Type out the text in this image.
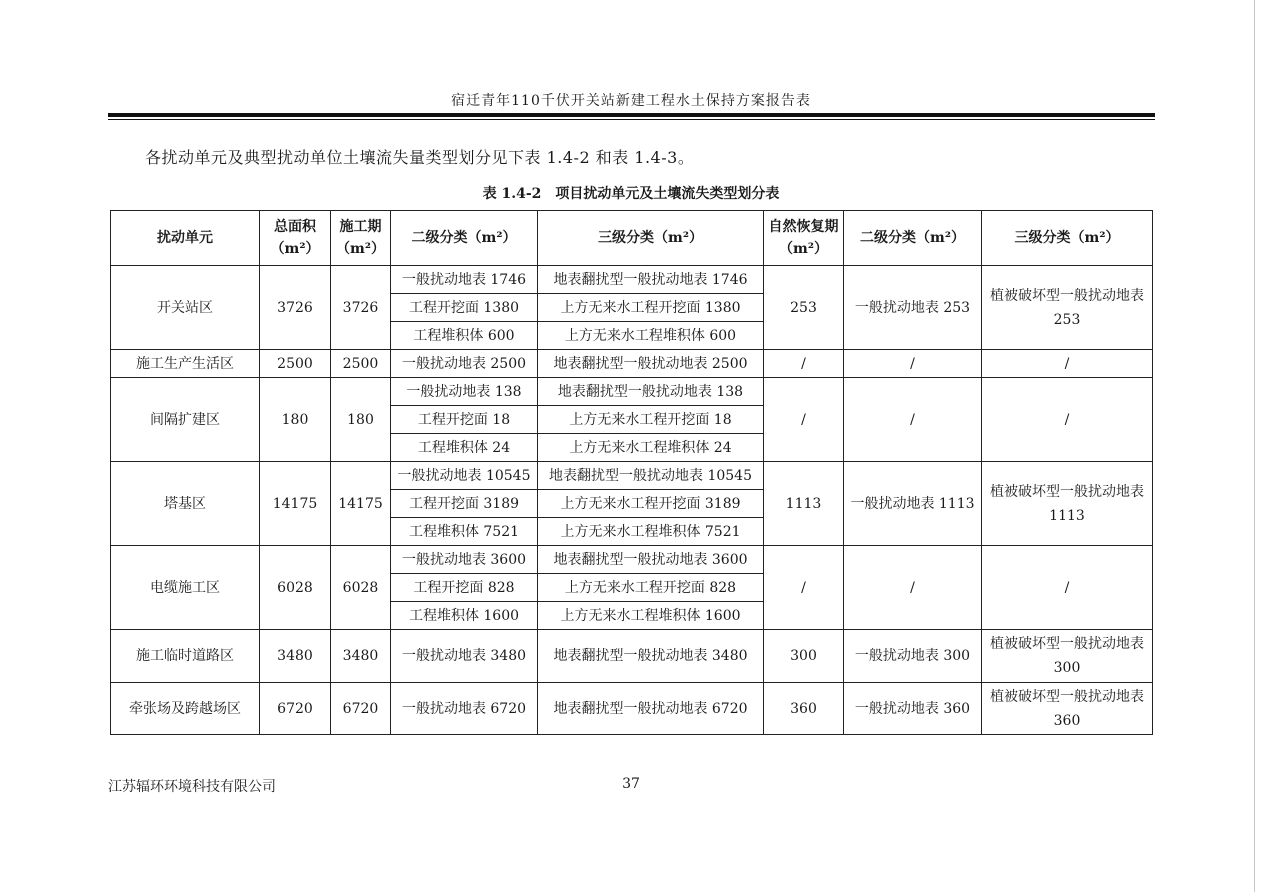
宿迁青年110千伏开关站新建工程水土保持方案报告表
各扰动单元及典型扰动单位土壤流失量类型划分见下表 1.4-2 和表 1.4-3。
表 1.4-2　项目扰动单元及土壤流失类型划分表
扰动单元	总面积（m²）	施工期（m²）	二级分类（m²）	三级分类（m²）	自然恢复期（m²）	二级分类（m²）	三级分类（m²）
开关站区	3726	3726	一般扰动地表 1746	地表翻扰型一般扰动地表 1746	253	一般扰动地表 253	植被破坏型一般扰动地表 253
			工程开挖面 1380	上方无来水工程开挖面 1380			
			工程堆积体 600	上方无来水工程堆积体 600			
施工生产生活区	2500	2500	一般扰动地表 2500	地表翻扰型一般扰动地表 2500	/	/	/
间隔扩建区	180	180	一般扰动地表 138	地表翻扰型一般扰动地表 138	/	/	/
			工程开挖面 18	上方无来水工程开挖面 18			
			工程堆积体 24	上方无来水工程堆积体 24			
塔基区	14175	14175	一般扰动地表 10545	地表翻扰型一般扰动地表 10545	1113	一般扰动地表 1113	植被破坏型一般扰动地表 1113
			工程开挖面 3189	上方无来水工程开挖面 3189			
			工程堆积体 7521	上方无来水工程堆积体 7521			
电缆施工区	6028	6028	一般扰动地表 3600	地表翻扰型一般扰动地表 3600	/	/	/
			工程开挖面 828	上方无来水工程开挖面 828			
			工程堆积体 1600	上方无来水工程堆积体 1600			
施工临时道路区	3480	3480	一般扰动地表 3480	地表翻扰型一般扰动地表 3480	300	一般扰动地表 300	植被破坏型一般扰动地表 300
牵张场及跨越场区	6720	6720	一般扰动地表 6720	地表翻扰型一般扰动地表 6720	360	一般扰动地表 360	植被破坏型一般扰动地表 360
江苏辐环环境科技有限公司	37
